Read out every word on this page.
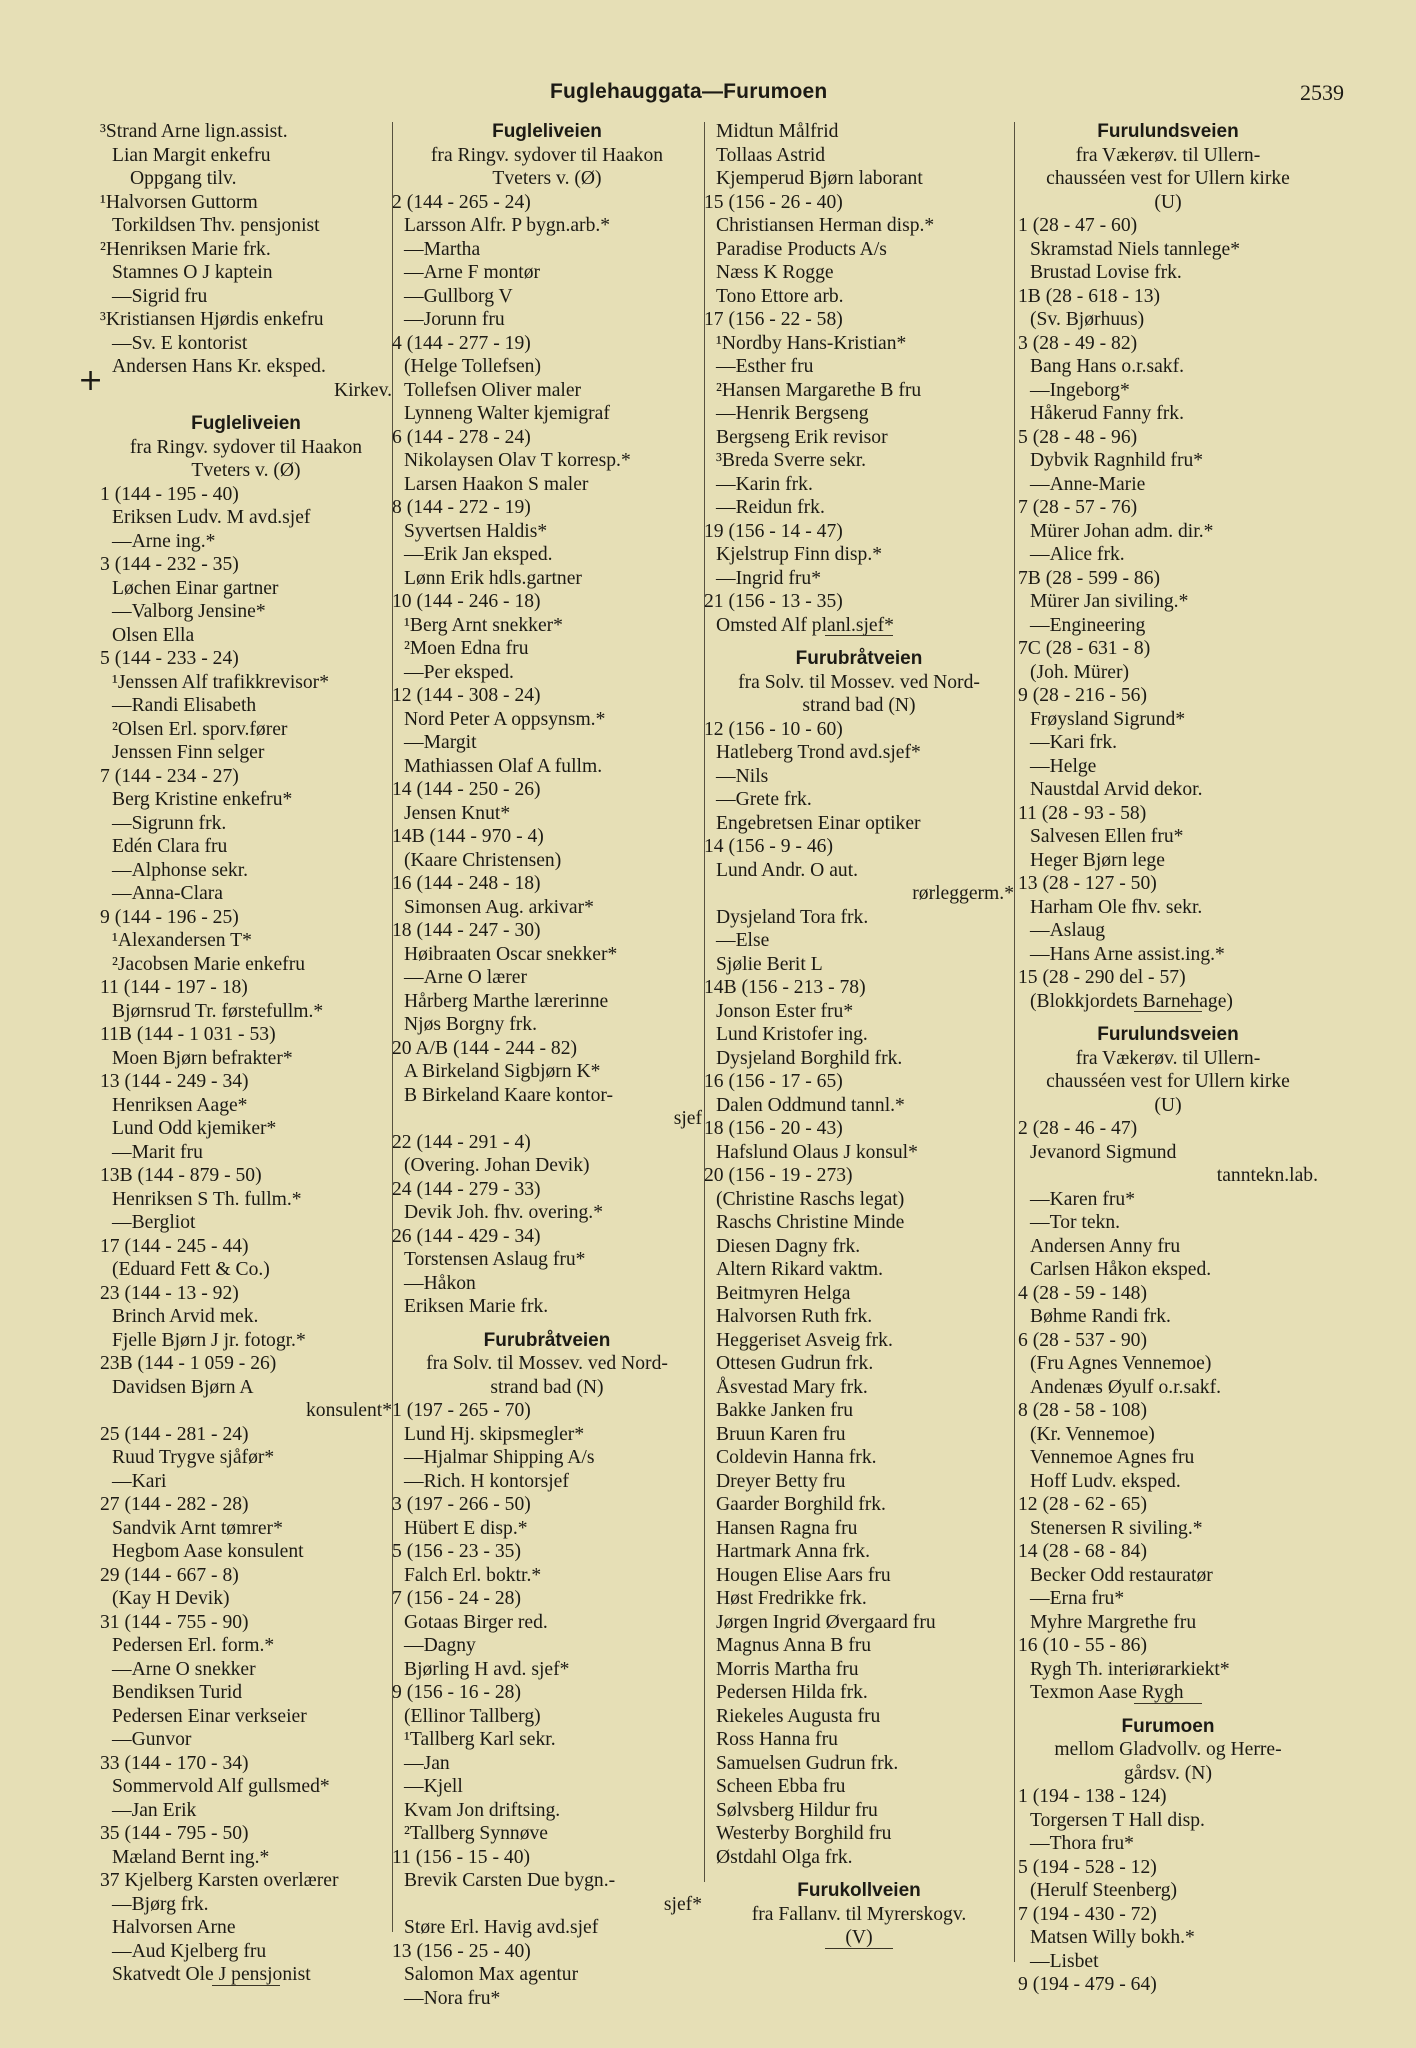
Fuglehauggata—Furumoen	2539
+
³Strand Arne lign.assist.
Lian Margit enkefru
Oppgang tilv.
¹Halvorsen Guttorm
Torkildsen Thv. pensjonist
²Henriksen Marie frk.
Stamnes O J kaptein
—Sigrid fru
³Kristiansen Hjørdis enkefru
—Sv. E kontorist
Andersen Hans Kr. eksped.
Kirkev.
Fugleliveien
fra Ringv. sydover til Haakon
Tveters v. (Ø)
1 (144 - 195 - 40)
Eriksen Ludv. M avd.sjef
—Arne ing.*
3 (144 - 232 - 35)
Løchen Einar gartner
—Valborg Jensine*
Olsen Ella
5 (144 - 233 - 24)
¹Jenssen Alf trafikkrevisor*
—Randi Elisabeth
²Olsen Erl. sporv.fører
Jenssen Finn selger
7 (144 - 234 - 27)
Berg Kristine enkefru*
—Sigrunn frk.
Edén Clara fru
—Alphonse sekr.
—Anna-Clara
9 (144 - 196 - 25)
¹Alexandersen T*
²Jacobsen Marie enkefru
11 (144 - 197 - 18)
Bjørnsrud Tr. førstefullm.*
11B (144 - 1 031 - 53)
Moen Bjørn befrakter*
13 (144 - 249 - 34)
Henriksen Aage*
Lund Odd kjemiker*
—Marit fru
13B (144 - 879 - 50)
Henriksen S Th. fullm.*
—Bergliot
17 (144 - 245 - 44)
(Eduard Fett & Co.)
23 (144 - 13 - 92)
Brinch Arvid mek.
Fjelle Bjørn J jr. fotogr.*
23B (144 - 1 059 - 26)
Davidsen Bjørn A
konsulent*
25 (144 - 281 - 24)
Ruud Trygve sjåfør*
—Kari
27 (144 - 282 - 28)
Sandvik Arnt tømrer*
Hegbom Aase konsulent
29 (144 - 667 - 8)
(Kay H Devik)
31 (144 - 755 - 90)
Pedersen Erl. form.*
—Arne O snekker
Bendiksen Turid
Pedersen Einar verkseier
—Gunvor
33 (144 - 170 - 34)
Sommervold Alf gullsmed*
—Jan Erik
35 (144 - 795 - 50)
Mæland Bernt ing.*
37 Kjelberg Karsten overlærer
—Bjørg frk.
Halvorsen Arne
—Aud Kjelberg fru
Skatvedt Ole J pensjonist
Fugleliveien
fra Ringv. sydover til Haakon
Tveters v. (Ø)
2 (144 - 265 - 24)
Larsson Alfr. P bygn.arb.*
—Martha
—Arne F montør
—Gullborg V
—Jorunn fru
4 (144 - 277 - 19)
(Helge Tollefsen)
Tollefsen Oliver maler
Lynneng Walter kjemigraf
6 (144 - 278 - 24)
Nikolaysen Olav T korresp.*
Larsen Haakon S maler
8 (144 - 272 - 19)
Syvertsen Haldis*
—Erik Jan eksped.
Lønn Erik hdls.gartner
10 (144 - 246 - 18)
¹Berg Arnt snekker*
²Moen Edna fru
—Per eksped.
12 (144 - 308 - 24)
Nord Peter A oppsynsm.*
—Margit
Mathiassen Olaf A fullm.
14 (144 - 250 - 26)
Jensen Knut*
14B (144 - 970 - 4)
(Kaare Christensen)
16 (144 - 248 - 18)
Simonsen Aug. arkivar*
18 (144 - 247 - 30)
Høibraaten Oscar snekker*
—Arne O lærer
Hårberg Marthe lærerinne
Njøs Borgny frk.
20 A/B (144 - 244 - 82)
A Birkeland Sigbjørn K*
B Birkeland Kaare kontor-
sjef
22 (144 - 291 - 4)
(Overing. Johan Devik)
24 (144 - 279 - 33)
Devik Joh. fhv. overing.*
26 (144 - 429 - 34)
Torstensen Aslaug fru*
—Håkon
Eriksen Marie frk.
Furubråtveien
fra Solv. til Mossev. ved Nord-
strand bad (N)
1 (197 - 265 - 70)
Lund Hj. skipsmegler*
—Hjalmar Shipping A/s
—Rich. H kontorsjef
3 (197 - 266 - 50)
Hübert E disp.*
5 (156 - 23 - 35)
Falch Erl. boktr.*
7 (156 - 24 - 28)
Gotaas Birger red.
—Dagny
Bjørling H avd. sjef*
9 (156 - 16 - 28)
(Ellinor Tallberg)
¹Tallberg Karl sekr.
—Jan
—Kjell
Kvam Jon driftsing.
²Tallberg Synnøve
11 (156 - 15 - 40)
Brevik Carsten Due bygn.-
sjef*
Støre Erl. Havig avd.sjef
13 (156 - 25 - 40)
Salomon Max agentur
—Nora fru*
Midtun Målfrid
Tollaas Astrid
Kjemperud Bjørn laborant
15 (156 - 26 - 40)
Christiansen Herman disp.*
Paradise Products A/s
Næss K Rogge
Tono Ettore arb.
17 (156 - 22 - 58)
¹Nordby Hans-Kristian*
—Esther fru
²Hansen Margarethe B fru
—Henrik Bergseng
Bergseng Erik revisor
³Breda Sverre sekr.
—Karin frk.
—Reidun frk.
19 (156 - 14 - 47)
Kjelstrup Finn disp.*
—Ingrid fru*
21 (156 - 13 - 35)
Omsted Alf planl.sjef*
Furubråtveien
fra Solv. til Mossev. ved Nord-
strand bad (N)
12 (156 - 10 - 60)
Hatleberg Trond avd.sjef*
—Nils
—Grete frk.
Engebretsen Einar optiker
14 (156 - 9 - 46)
Lund Andr. O aut.
rørleggerm.*
Dysjeland Tora frk.
—Else
Sjølie Berit L
14B (156 - 213 - 78)
Jonson Ester fru*
Lund Kristofer ing.
Dysjeland Borghild frk.
16 (156 - 17 - 65)
Dalen Oddmund tannl.*
18 (156 - 20 - 43)
Hafslund Olaus J konsul*
20 (156 - 19 - 273)
(Christine Raschs legat)
Raschs Christine Minde
Diesen Dagny frk.
Altern Rikard vaktm.
Beitmyren Helga
Halvorsen Ruth frk.
Heggeriset Asveig frk.
Ottesen Gudrun frk.
Åsvestad Mary frk.
Bakke Janken fru
Bruun Karen fru
Coldevin Hanna frk.
Dreyer Betty fru
Gaarder Borghild frk.
Hansen Ragna fru
Hartmark Anna frk.
Hougen Elise Aars fru
Høst Fredrikke frk.
Jørgen Ingrid Øvergaard fru
Magnus Anna B fru
Morris Martha fru
Pedersen Hilda frk.
Riekeles Augusta fru
Ross Hanna fru
Samuelsen Gudrun frk.
Scheen Ebba fru
Sølvsberg Hildur fru
Westerby Borghild fru
Østdahl Olga frk.
Furukollveien
fra Fallanv. til Myrerskogv.
(V)
Furulundsveien
fra Vækerøv. til Ullern-
chausséen vest for Ullern kirke
(U)
1 (28 - 47 - 60)
Skramstad Niels tannlege*
Brustad Lovise frk.
1B (28 - 618 - 13)
(Sv. Bjørhuus)
3 (28 - 49 - 82)
Bang Hans o.r.sakf.
—Ingeborg*
Håkerud Fanny frk.
5 (28 - 48 - 96)
Dybvik Ragnhild fru*
—Anne-Marie
7 (28 - 57 - 76)
Mürer Johan adm. dir.*
—Alice frk.
7B (28 - 599 - 86)
Mürer Jan siviling.*
—Engineering
7C (28 - 631 - 8)
(Joh. Mürer)
9 (28 - 216 - 56)
Frøysland Sigrund*
—Kari frk.
—Helge
Naustdal Arvid dekor.
11 (28 - 93 - 58)
Salvesen Ellen fru*
Heger Bjørn lege
13 (28 - 127 - 50)
Harham Ole fhv. sekr.
—Aslaug
—Hans Arne assist.ing.*
15 (28 - 290 del - 57)
(Blokkjordets Barnehage)
Furulundsveien
fra Vækerøv. til Ullern-
chausséen vest for Ullern kirke
(U)
2 (28 - 46 - 47)
Jevanord Sigmund
tanntekn.lab.
—Karen fru*
—Tor tekn.
Andersen Anny fru
Carlsen Håkon eksped.
4 (28 - 59 - 148)
Bøhme Randi frk.
6 (28 - 537 - 90)
(Fru Agnes Vennemoe)
Andenæs Øyulf o.r.sakf.
8 (28 - 58 - 108)
(Kr. Vennemoe)
Vennemoe Agnes fru
Hoff Ludv. eksped.
12 (28 - 62 - 65)
Stenersen R siviling.*
14 (28 - 68 - 84)
Becker Odd restauratør
—Erna fru*
Myhre Margrethe fru
16 (10 - 55 - 86)
Rygh Th. interiørarkiekt*
Texmon Aase Rygh
Furumoen
mellom Gladvollv. og Herre-
gårdsv. (N)
1 (194 - 138 - 124)
Torgersen T Hall disp.
—Thora fru*
5 (194 - 528 - 12)
(Herulf Steenberg)
7 (194 - 430 - 72)
Matsen Willy bokh.*
—Lisbet
9 (194 - 479 - 64)
